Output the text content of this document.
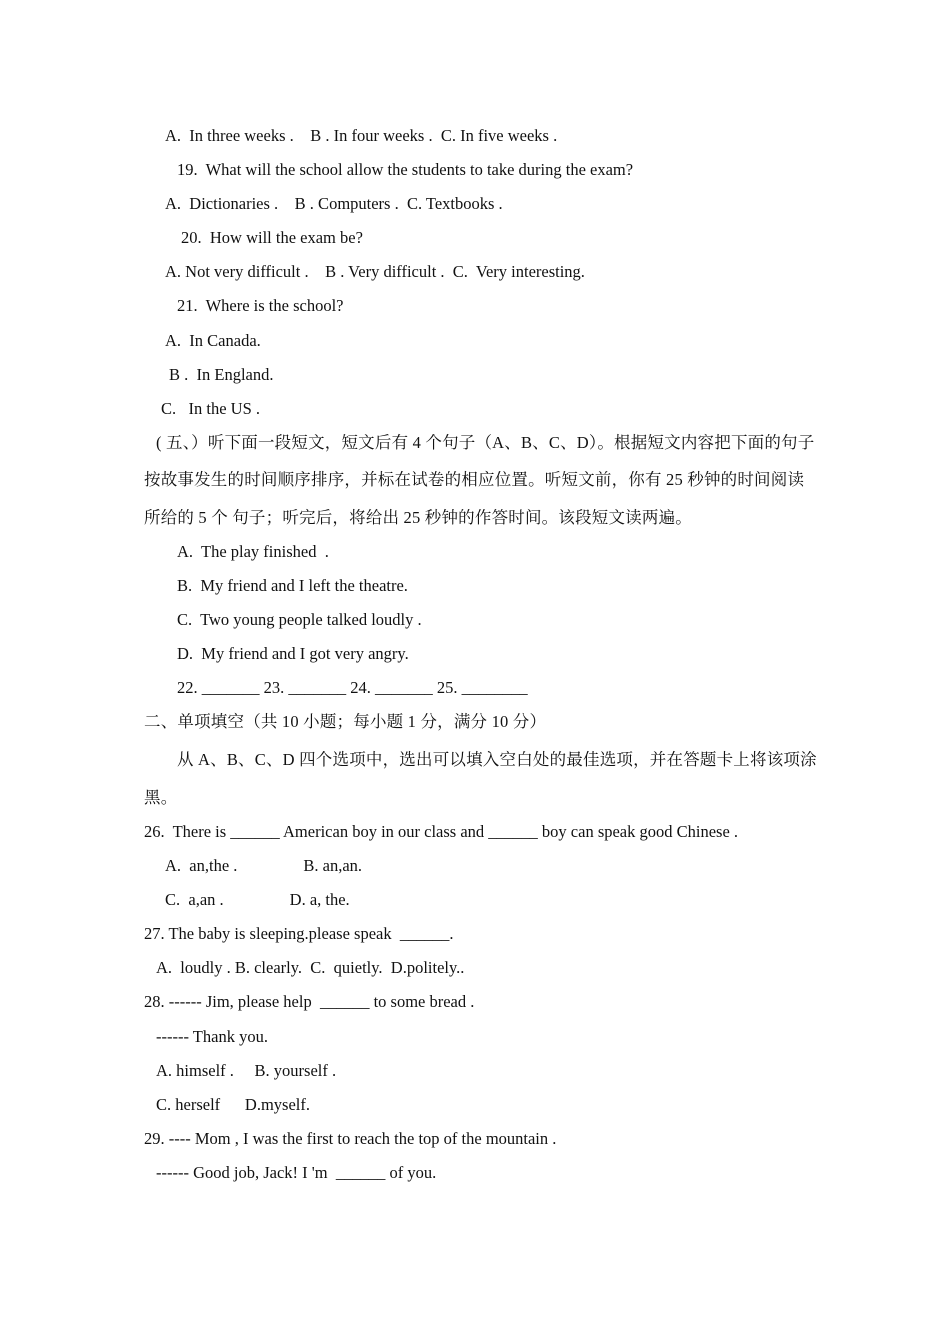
A.  In three weeks .    B . In four weeks .  C. In five weeks .
19.  What will the school allow the students to take during the exam?
A.  Dictionaries .    B . Computers .  C. Textbooks .
20.  How will the exam be?
A. Not very difficult .    B . Very difficult .  C.  Very interesting.
21.  Where is the school?
A.  In Canada.
B .  In England.
C.   In the US .
( 五、）听下面一段短文，短文后有 4 个句子（A、B、C、D）。根据短文内容把下面的句子
按故事发生的时间顺序排序，并标在试卷的相应位置。听短文前，你有 25 秒钟的时间阅读
所给的 5 个 句子；听完后，将给出 25 秒钟的作答时间。该段短文读两遍。
A.  The play finished  .
B.  My friend and I left the theatre.
C.  Two young people talked loudly .
D.  My friend and I got very angry.
22. _______ 23. _______ 24. _______ 25. ________
二、单项填空（共 10 小题；每小题 1 分，满分 10 分）
从 A、B、C、D 四个选项中，选出可以填入空白处的最佳选项，并在答题卡上将该项涂
黑。
26.  There is ______ American boy in our class and ______ boy can speak good Chinese .
A.  an,the .                B. an,an.
C.  a,an .                D. a, the.
27. The baby is sleeping.please speak  ______.
A.  loudly . B. clearly.  C.  quietly.  D.politely..
28. ------ Jim, please help  ______ to some bread .
------ Thank you.
A. himself .     B. yourself .
C. herself      D.myself.
29. ---- Mom , I was the first to reach the top of the mountain .
------ Good job, Jack! I 'm  ______ of you.
